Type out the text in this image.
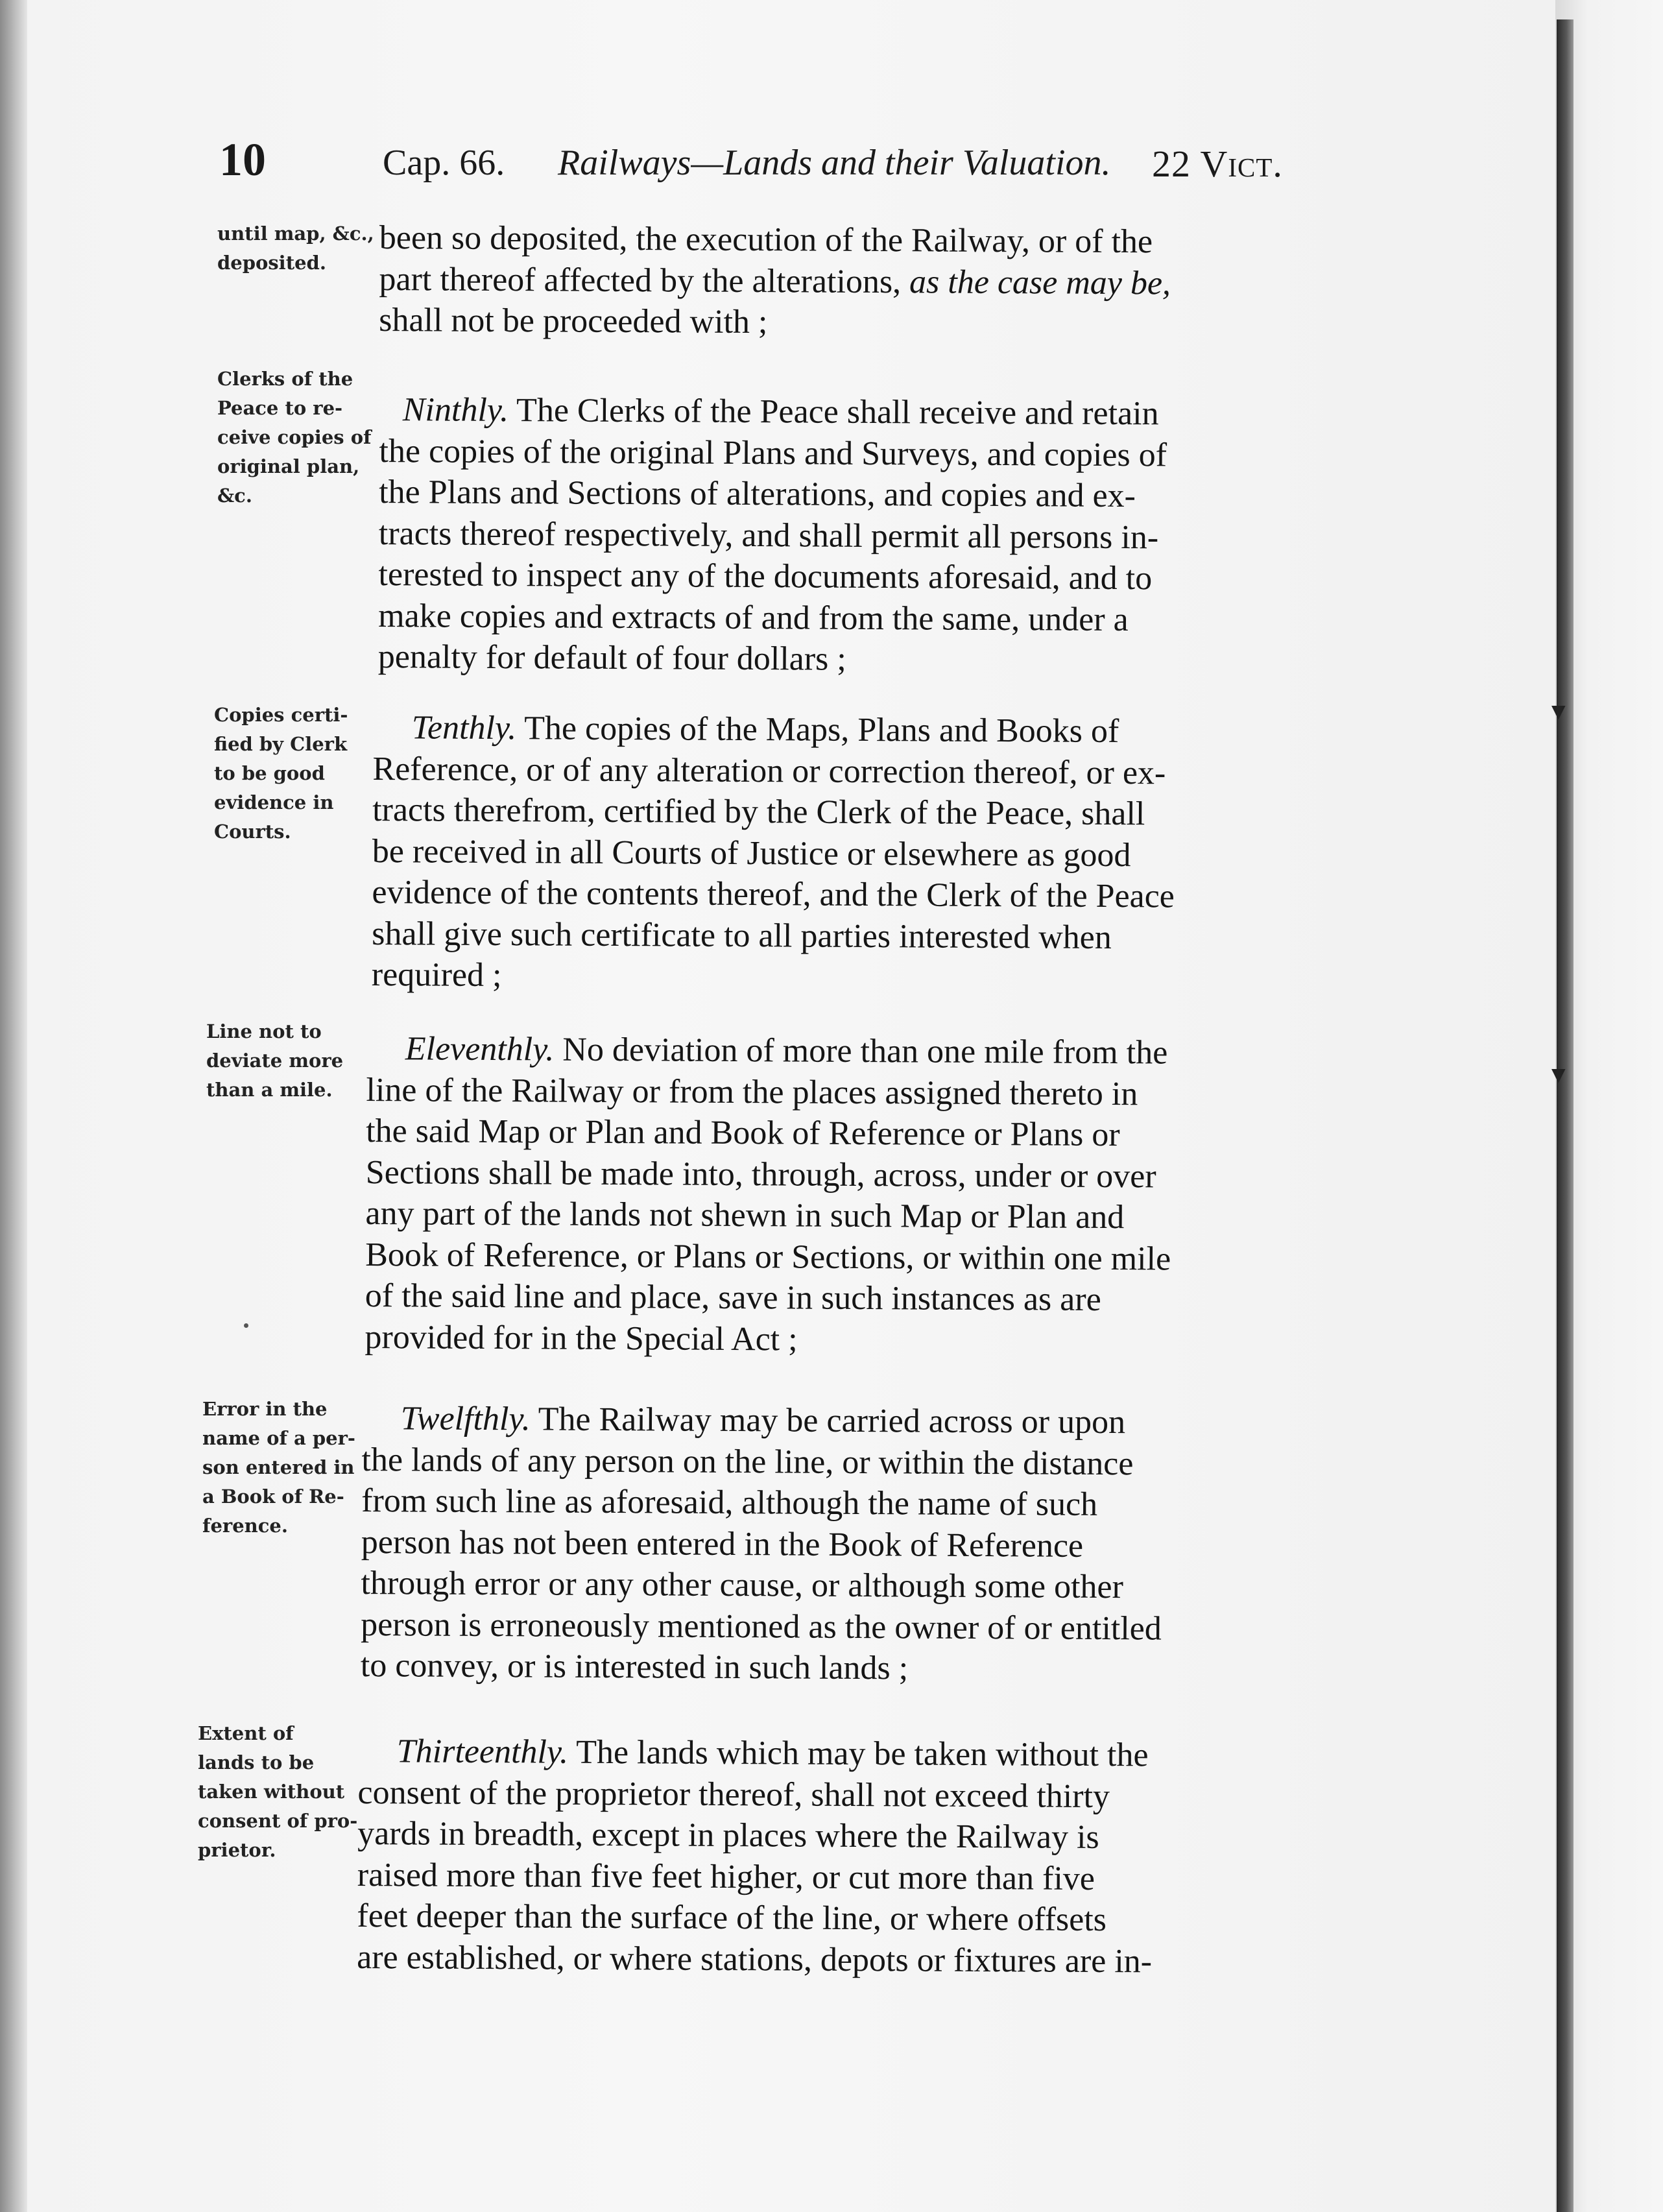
▼
▼
10	Cap. 66. Railways—Lands and their Valuation. 22 Vict.
until map, &c.,
deposited.
been so deposited, the execution of the Railway, or of the
part thereof affected by the alterations, as the case may be,
shall not be proceeded with ;
Clerks of the
Peace to re-
ceive copies of
original plan,
&c.
Ninthly. The Clerks of the Peace shall receive and retain
the copies of the original Plans and Surveys, and copies of
the Plans and Sections of alterations, and copies and ex-
tracts thereof respectively, and shall permit all persons in-
terested to inspect any of the documents aforesaid, and to
make copies and extracts of and from the same, under a
penalty for default of four dollars ;
Copies certi-
fied by Clerk
to be good
evidence in
Courts.
Tenthly. The copies of the Maps, Plans and Books of
Reference, or of any alteration or correction thereof, or ex-
tracts therefrom, certified by the Clerk of the Peace, shall
be received in all Courts of Justice or elsewhere as good
evidence of the contents thereof, and the Clerk of the Peace
shall give such certificate to all parties interested when
required ;
Line not to
deviate more
than a mile.
Eleventhly. No deviation of more than one mile from the
line of the Railway or from the places assigned thereto in
the said Map or Plan and Book of Reference or Plans or
Sections shall be made into, through, across, under or over
any part of the lands not shewn in such Map or Plan and
Book of Reference, or Plans or Sections, or within one mile
of the said line and place, save in such instances as are
provided for in the Special Act ;
Error in the
name of a per-
son entered in
a Book of Re-
ference.
Twelfthly. The Railway may be carried across or upon
the lands of any person on the line, or within the distance
from such line as aforesaid, although the name of such
person has not been entered in the Book of Reference
through error or any other cause, or although some other
person is erroneously mentioned as the owner of or entitled
to convey, or is interested in such lands ;
Extent of
lands to be
taken without
consent of pro-
prietor.
Thirteenthly. The lands which may be taken without the
consent of the proprietor thereof, shall not exceed thirty
yards in breadth, except in places where the Railway is
raised more than five feet higher, or cut more than five
feet deeper than the surface of the line, or where offsets
are established, or where stations, depots or fixtures are in-
